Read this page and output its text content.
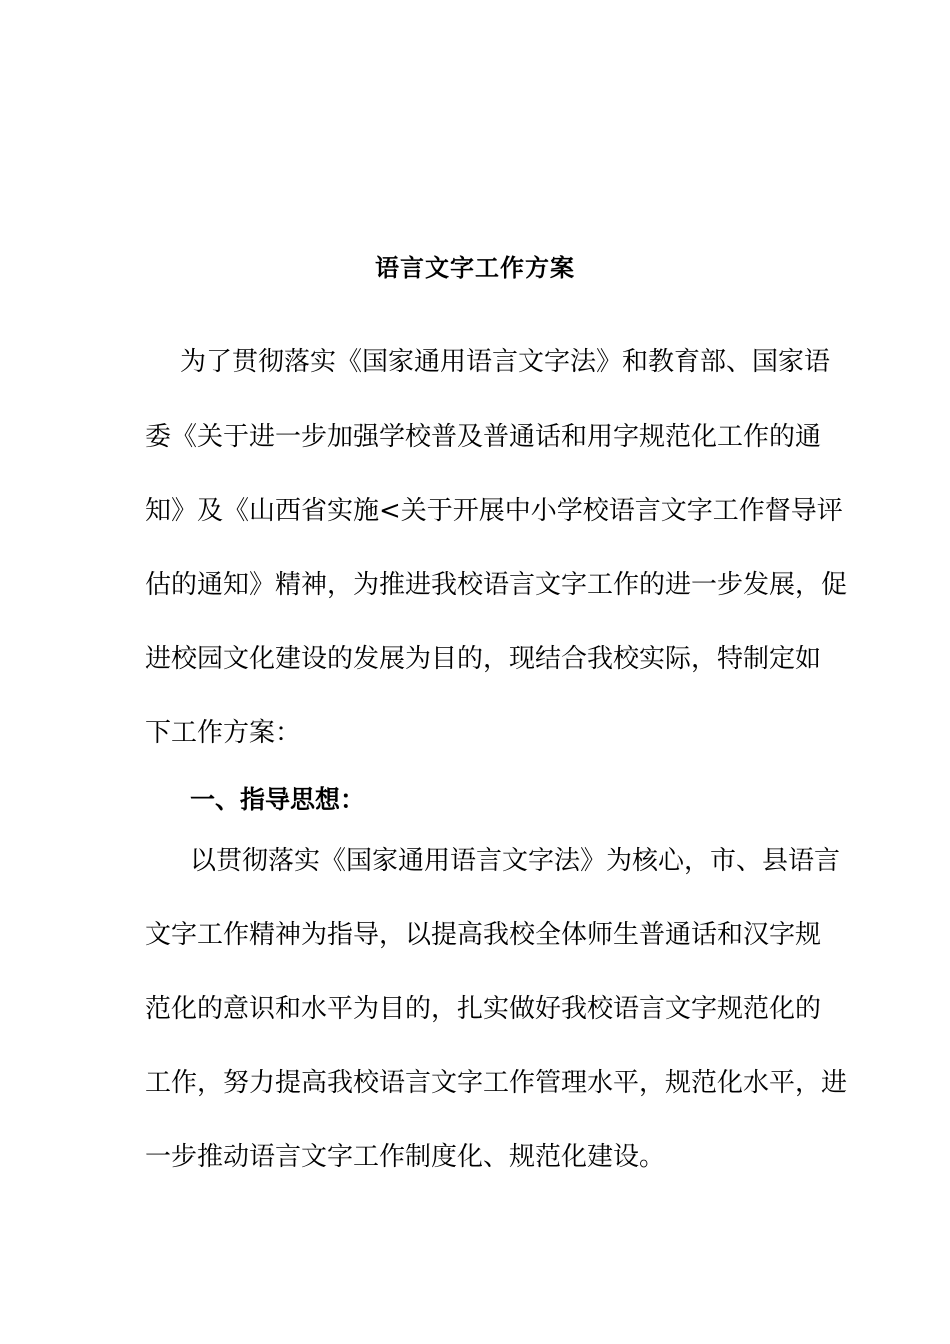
语言文字工作方案
为了贯彻落实《国家通用语言文字法》和教育部、国家语
委《关于进一步加强学校普及普通话和用字规范化工作的通
知》及《山西省实施<关于开展中小学校语言文字工作督导评
估的通知》精神，为推进我校语言文字工作的进一步发展，促
进校园文化建设的发展为目的，现结合我校实际，特制定如
下工作方案：
一、指导思想：
以贯彻落实《国家通用语言文字法》为核心，市、县语言
文字工作精神为指导，以提高我校全体师生普通话和汉字规
范化的意识和水平为目的，扎实做好我校语言文字规范化的
工作，努力提高我校语言文字工作管理水平，规范化水平，进
一步推动语言文字工作制度化、规范化建设。
